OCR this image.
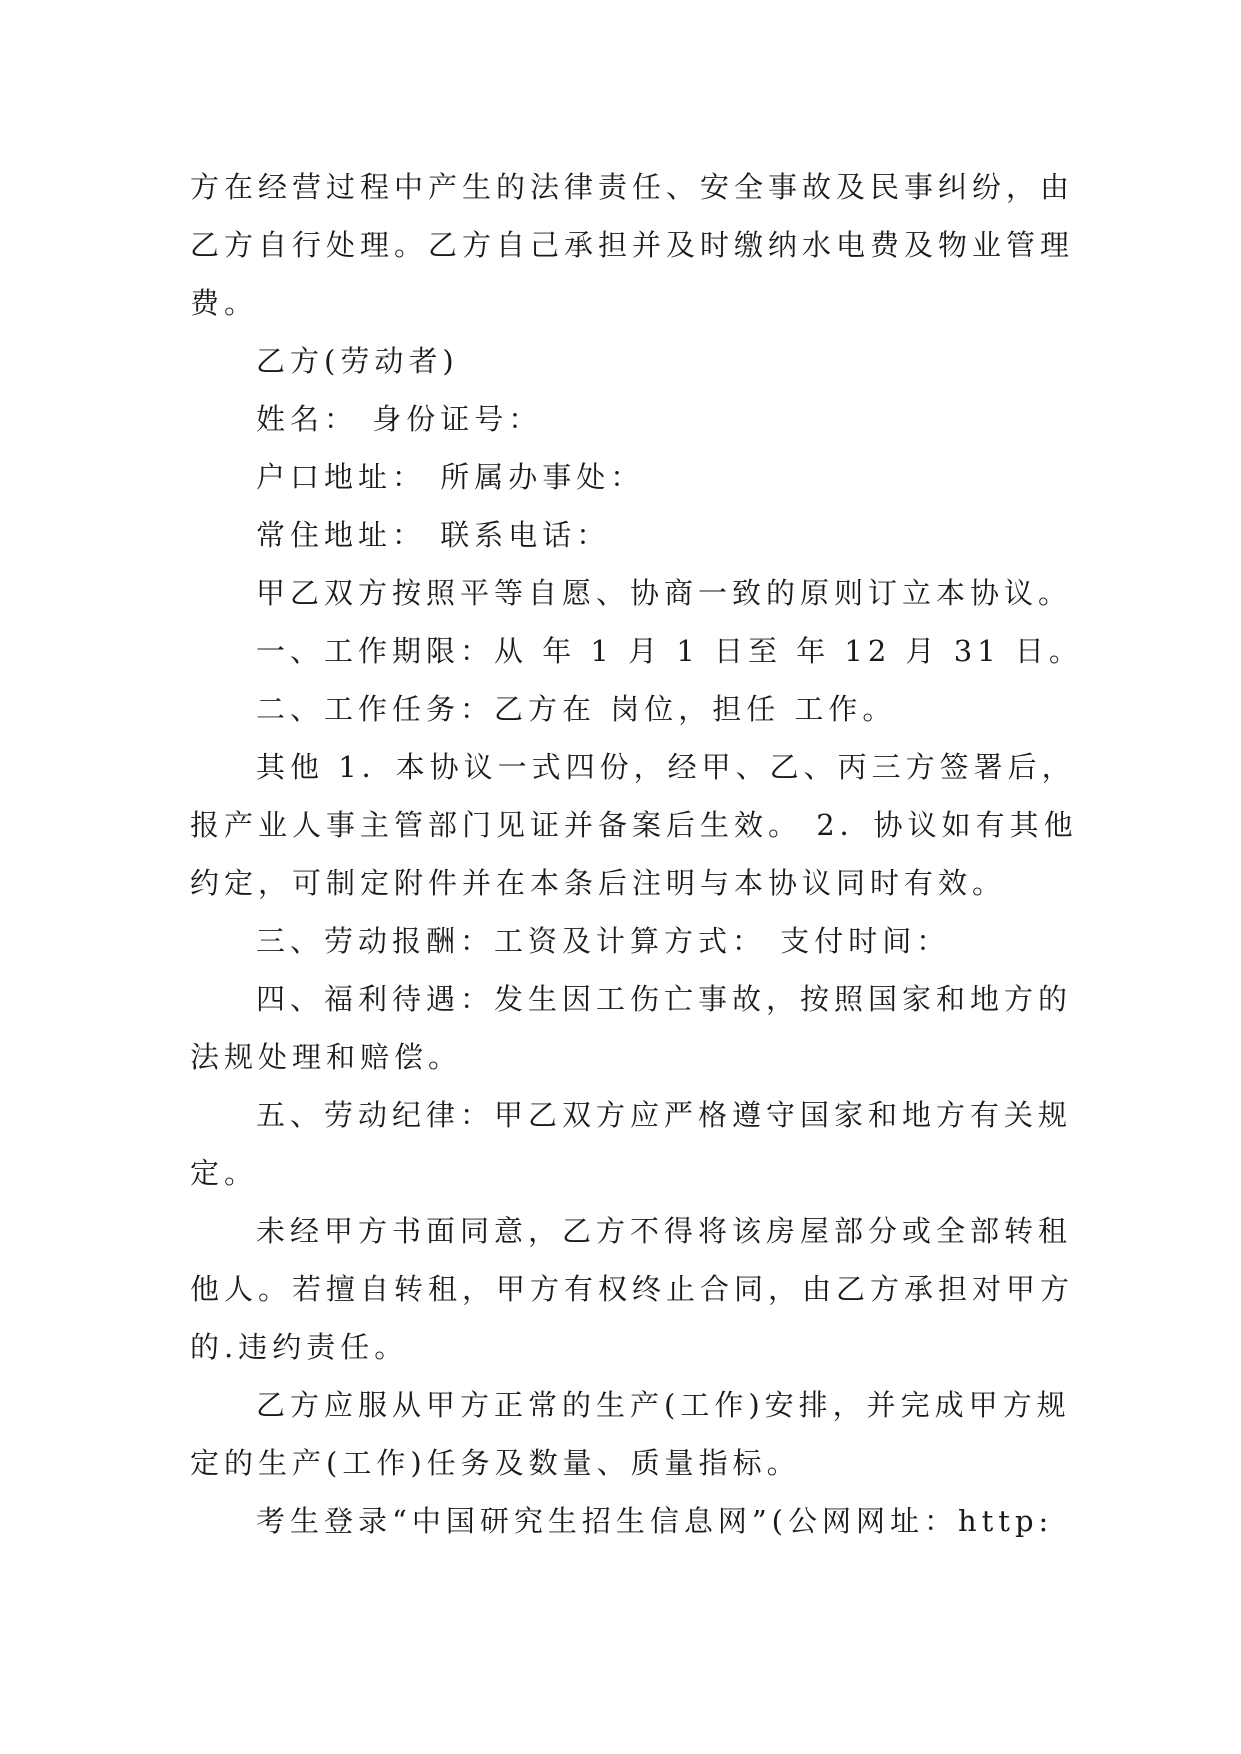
方在经营过程中产生的法律责任、安全事故及民事纠纷，由

乙方自行处理。乙方自己承担并及时缴纳水电费及物业管理

费。

乙方(劳动者)

姓名： 身份证号：

户口地址： 所属办事处：

常住地址： 联系电话：

甲乙双方按照平等自愿、协商一致的原则订立本协议。

一、工作期限：从 年 1 月 1 日至 年 12 月 31 日。

二、工作任务：乙方在 岗位，担任 工作。

其他 1．本协议一式四份，经甲、乙、丙三方签署后，

报产业人事主管部门见证并备案后生效。 2．协议如有其他

约定，可制定附件并在本条后注明与本协议同时有效。

三、劳动报酬：工资及计算方式： 支付时间：

四、福利待遇：发生因工伤亡事故，按照国家和地方的

法规处理和赔偿。

五、劳动纪律：甲乙双方应严格遵守国家和地方有关规

定。

未经甲方书面同意，乙方不得将该房屋部分或全部转租

他人。若擅自转租，甲方有权终止合同，由乙方承担对甲方

的.违约责任。

乙方应服从甲方正常的生产(工作)安排，并完成甲方规

定的生产(工作)任务及数量、质量指标。

考生登录“中国研究生招生信息网”(公网网址：http:
